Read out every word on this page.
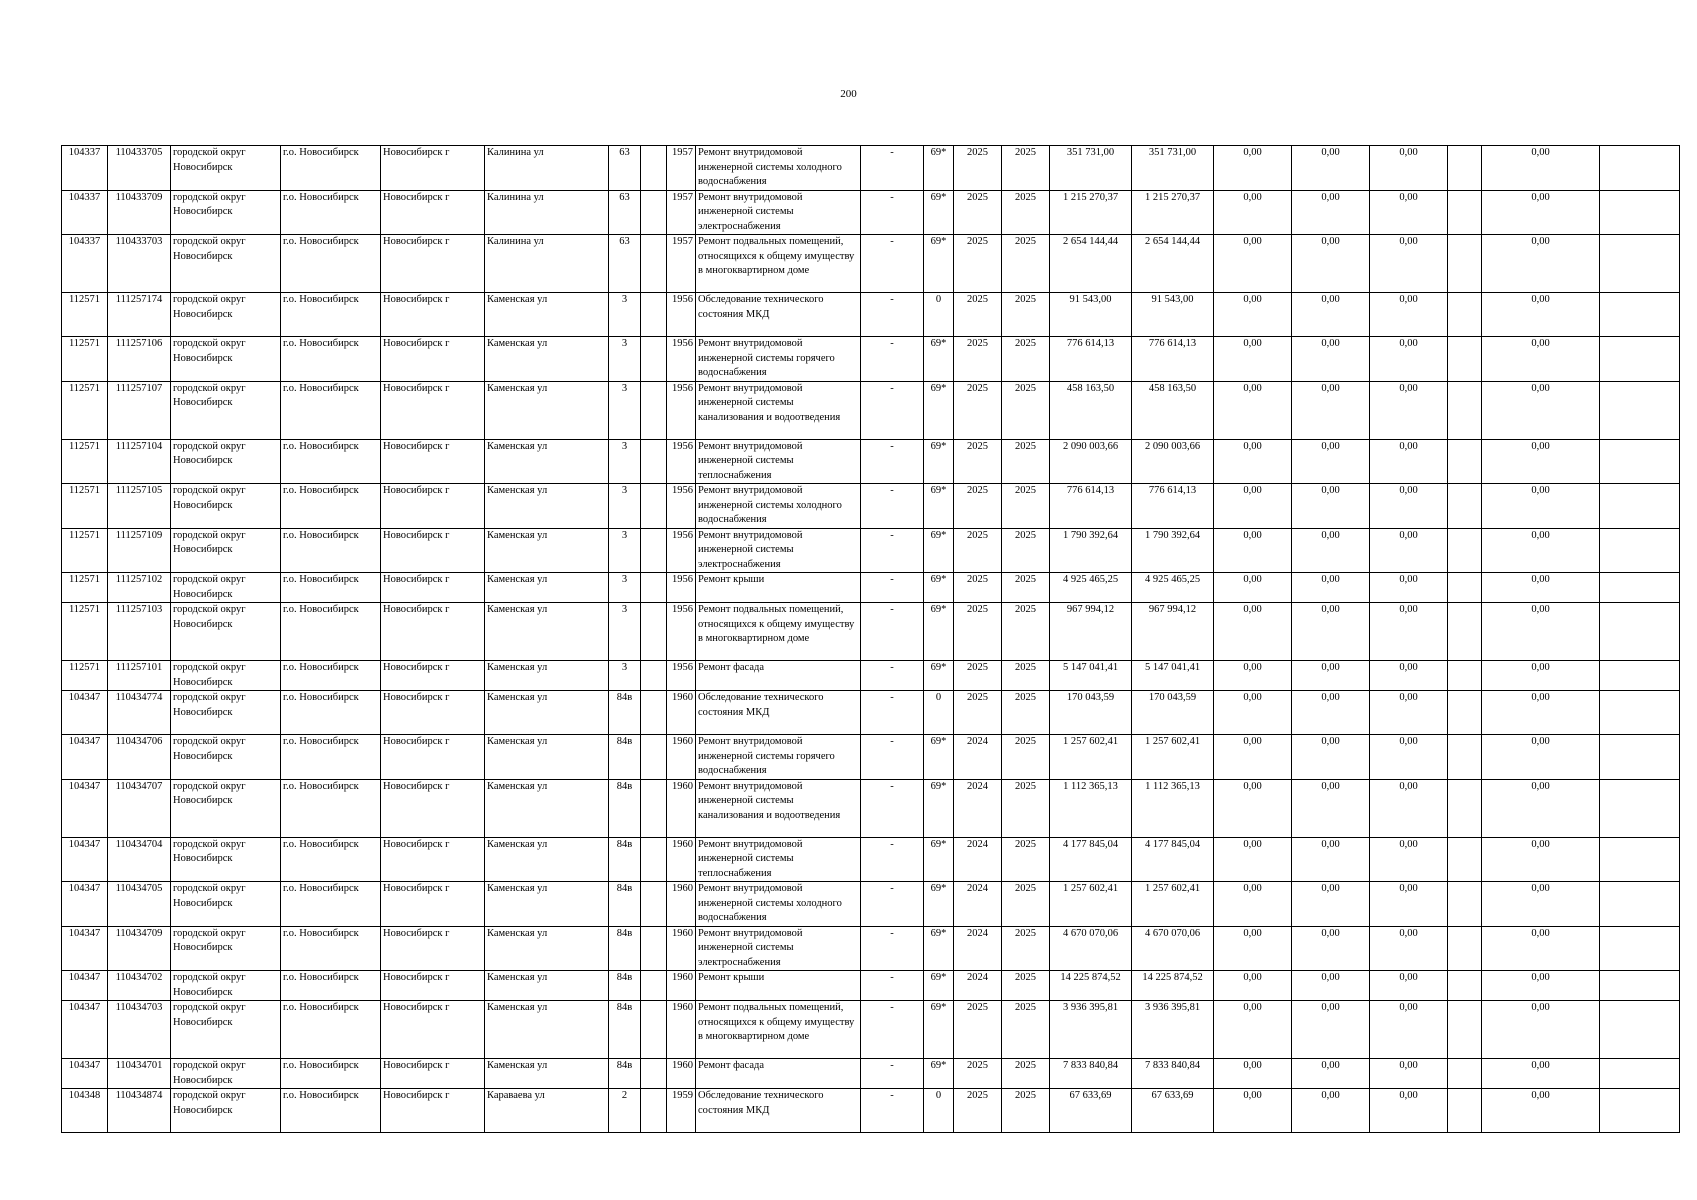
200
104337	110433705	городской округ Новосибирск	г.о. Новосибирск	Новосибирск г	Калинина ул	63		1957	Ремонт внутридомовой инженерной системы холодного водоснабжения	-	69*	2025	2025	351 731,00	351 731,00	0,00	0,00	0,00		0,00	
104337	110433709	городской округ Новосибирск	г.о. Новосибирск	Новосибирск г	Калинина ул	63		1957	Ремонт внутридомовой инженерной системы электроснабжения	-	69*	2025	2025	1 215 270,37	1 215 270,37	0,00	0,00	0,00		0,00	
104337	110433703	городской округ Новосибирск	г.о. Новосибирск	Новосибирск г	Калинина ул	63		1957	Ремонт подвальных помещений, относящихся к общему имуществу в многоквартирном доме	-	69*	2025	2025	2 654 144,44	2 654 144,44	0,00	0,00	0,00		0,00	
112571	111257174	городской округ Новосибирск	г.о. Новосибирск	Новосибирск г	Каменская ул	3		1956	Обследование технического состояния МКД	-	0	2025	2025	91 543,00	91 543,00	0,00	0,00	0,00		0,00	
112571	111257106	городской округ Новосибирск	г.о. Новосибирск	Новосибирск г	Каменская ул	3		1956	Ремонт внутридомовой инженерной системы горячего водоснабжения	-	69*	2025	2025	776 614,13	776 614,13	0,00	0,00	0,00		0,00	
112571	111257107	городской округ Новосибирск	г.о. Новосибирск	Новосибирск г	Каменская ул	3		1956	Ремонт внутридомовой инженерной системы канализования и водоотведения	-	69*	2025	2025	458 163,50	458 163,50	0,00	0,00	0,00		0,00	
112571	111257104	городской округ Новосибирск	г.о. Новосибирск	Новосибирск г	Каменская ул	3		1956	Ремонт внутридомовой инженерной системы теплоснабжения	-	69*	2025	2025	2 090 003,66	2 090 003,66	0,00	0,00	0,00		0,00	
112571	111257105	городской округ Новосибирск	г.о. Новосибирск	Новосибирск г	Каменская ул	3		1956	Ремонт внутридомовой инженерной системы холодного водоснабжения	-	69*	2025	2025	776 614,13	776 614,13	0,00	0,00	0,00		0,00	
112571	111257109	городской округ Новосибирск	г.о. Новосибирск	Новосибирск г	Каменская ул	3		1956	Ремонт внутридомовой инженерной системы электроснабжения	-	69*	2025	2025	1 790 392,64	1 790 392,64	0,00	0,00	0,00		0,00	
112571	111257102	городской округ Новосибирск	г.о. Новосибирск	Новосибирск г	Каменская ул	3		1956	Ремонт крыши	-	69*	2025	2025	4 925 465,25	4 925 465,25	0,00	0,00	0,00		0,00	
112571	111257103	городской округ Новосибирск	г.о. Новосибирск	Новосибирск г	Каменская ул	3		1956	Ремонт подвальных помещений, относящихся к общему имуществу в многоквартирном доме	-	69*	2025	2025	967 994,12	967 994,12	0,00	0,00	0,00		0,00	
112571	111257101	городской округ Новосибирск	г.о. Новосибирск	Новосибирск г	Каменская ул	3		1956	Ремонт фасада	-	69*	2025	2025	5 147 041,41	5 147 041,41	0,00	0,00	0,00		0,00	
104347	110434774	городской округ Новосибирск	г.о. Новосибирск	Новосибирск г	Каменская ул	84в		1960	Обследование технического состояния МКД	-	0	2025	2025	170 043,59	170 043,59	0,00	0,00	0,00		0,00	
104347	110434706	городской округ Новосибирск	г.о. Новосибирск	Новосибирск г	Каменская ул	84в		1960	Ремонт внутридомовой инженерной системы горячего водоснабжения	-	69*	2024	2025	1 257 602,41	1 257 602,41	0,00	0,00	0,00		0,00	
104347	110434707	городской округ Новосибирск	г.о. Новосибирск	Новосибирск г	Каменская ул	84в		1960	Ремонт внутридомовой инженерной системы канализования и водоотведения	-	69*	2024	2025	1 112 365,13	1 112 365,13	0,00	0,00	0,00		0,00	
104347	110434704	городской округ Новосибирск	г.о. Новосибирск	Новосибирск г	Каменская ул	84в		1960	Ремонт внутридомовой инженерной системы теплоснабжения	-	69*	2024	2025	4 177 845,04	4 177 845,04	0,00	0,00	0,00		0,00	
104347	110434705	городской округ Новосибирск	г.о. Новосибирск	Новосибирск г	Каменская ул	84в		1960	Ремонт внутридомовой инженерной системы холодного водоснабжения	-	69*	2024	2025	1 257 602,41	1 257 602,41	0,00	0,00	0,00		0,00	
104347	110434709	городской округ Новосибирск	г.о. Новосибирск	Новосибирск г	Каменская ул	84в		1960	Ремонт внутридомовой инженерной системы электроснабжения	-	69*	2024	2025	4 670 070,06	4 670 070,06	0,00	0,00	0,00		0,00	
104347	110434702	городской округ Новосибирск	г.о. Новосибирск	Новосибирск г	Каменская ул	84в		1960	Ремонт крыши	-	69*	2024	2025	14 225 874,52	14 225 874,52	0,00	0,00	0,00		0,00	
104347	110434703	городской округ Новосибирск	г.о. Новосибирск	Новосибирск г	Каменская ул	84в		1960	Ремонт подвальных помещений, относящихся к общему имуществу в многоквартирном доме	-	69*	2025	2025	3 936 395,81	3 936 395,81	0,00	0,00	0,00		0,00	
104347	110434701	городской округ Новосибирск	г.о. Новосибирск	Новосибирск г	Каменская ул	84в		1960	Ремонт фасада	-	69*	2025	2025	7 833 840,84	7 833 840,84	0,00	0,00	0,00		0,00	
104348	110434874	городской округ Новосибирск	г.о. Новосибирск	Новосибирск г	Караваева ул	2		1959	Обследование технического состояния МКД	-	0	2025	2025	67 633,69	67 633,69	0,00	0,00	0,00		0,00	
